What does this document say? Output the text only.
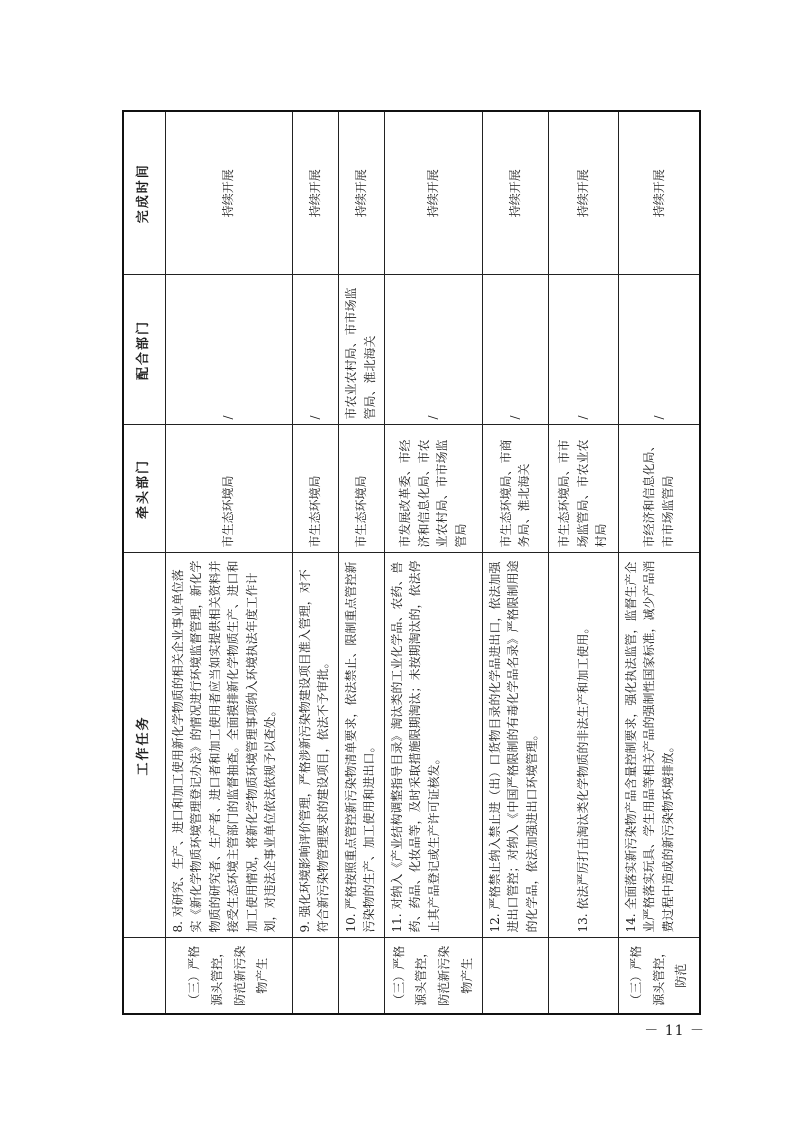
	工作任务	牵头部门	配合部门	完成时间
（三）严格源头管控，防范新污染物产生	8. 对研究、生产、进口和加工使用新化学物质的相关企业事业单位落实《新化学物质环境管理登记办法》的情况进行环境监督管理，新化学物质的研究者、生产者、进口者和加工使用者应当如实提供相关资料并接受生态环境主管部门的监督抽查。全面摸排新化学物质生产、进口和加工使用情况，将新化学物质环境管理事项纳入环境执法年度工作计划，对违法企事业单位依法依规予以查处。	市生态环境局	/	持续开展
	9. 强化环境影响评价管理，严格涉新污染物建设项目准入管理，对不符合新污染物管理要求的建设项目，依法不予审批。	市生态环境局	/	持续开展
	10. 严格按照重点管控新污染物清单要求，依法禁止、限制重点管控新污染物的生产、加工使用和进出口。	市生态环境局	市农业农村局、市市场监管局、淮北海关	持续开展
（三）严格源头管控，防范新污染物产生	11. 对纳入《产业结构调整指导目录》淘汰类的工业化学品、农药、兽药、药品、化妆品等，及时采取措施限期淘汰；未按期淘汰的，依法停止其产品登记或生产许可证核发。	市发展改革委、市经济和信息化局、市农业农村局、市市场监管局	/	持续开展
	12. 严格禁止纳入禁止进（出）口货物目录的化学品进出口，依法加强进出口管控；对纳入《中国严格限制的有毒化学品名录》严格限制用途的化学品，依法加强进出口环境管理。	市生态环境局、市商务局、淮北海关	/	持续开展
	13. 依法严厉打击淘汰类化学物质的非法生产和加工使用。	市生态环境局、市市场监管局、市农业农村局	/	持续开展
（三）严格源头管控，防范	14. 全面落实新污染物产品含量控制要求，强化执法监管，监督生产企业严格落实玩具、学生用品等相关产品的强制性国家标准，减少产品消费过程中造成的新污染物环境排放。	市经济和信息化局、市市场监管局	/	持续开展
－ 11 －
